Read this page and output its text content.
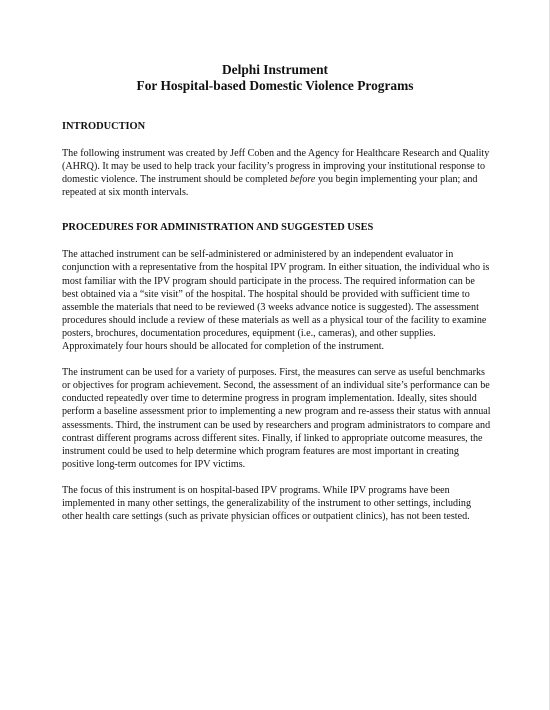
Delphi Instrument
For Hospital-based Domestic Violence Programs
INTRODUCTION

The following instrument was created by Jeff Coben and the Agency for Healthcare Research and Quality (AHRQ). It may be used to help track your facility’s progress in improving your institutional response to domestic violence. The instrument should be completed before you begin implementing your plan; and repeated at six month intervals.

PROCEDURES FOR ADMINISTRATION AND SUGGESTED USES

The attached instrument can be self-administered or administered by an independent evaluator in conjunction with a representative from the hospital IPV program. In either situation, the individual who is most familiar with the IPV program should participate in the process. The required information can be best obtained via a “site visit” of the hospital. The hospital should be provided with sufficient time to assemble the materials that need to be reviewed (3 weeks advance notice is suggested). The assessment procedures should include a review of these materials as well as a physical tour of the facility to examine posters, brochures, documentation procedures, equipment (i.e., cameras), and other supplies. Approximately four hours should be allocated for completion of the instrument.

The instrument can be used for a variety of purposes. First, the measures can serve as useful benchmarks or objectives for program achievement. Second, the assessment of an individual site’s performance can be conducted repeatedly over time to determine progress in program implementation. Ideally, sites should perform a baseline assessment prior to implementing a new program and re-assess their status with annual assessments. Third, the instrument can be used by researchers and program administrators to compare and contrast different programs across different sites. Finally, if linked to appropriate outcome measures, the instrument could be used to help determine which program features are most important in creating positive long-term outcomes for IPV victims.

The focus of this instrument is on hospital-based IPV programs. While IPV programs have been implemented in many other settings, the generalizability of the instrument to other settings, including other health care settings (such as private physician offices or outpatient clinics), has not been tested.
